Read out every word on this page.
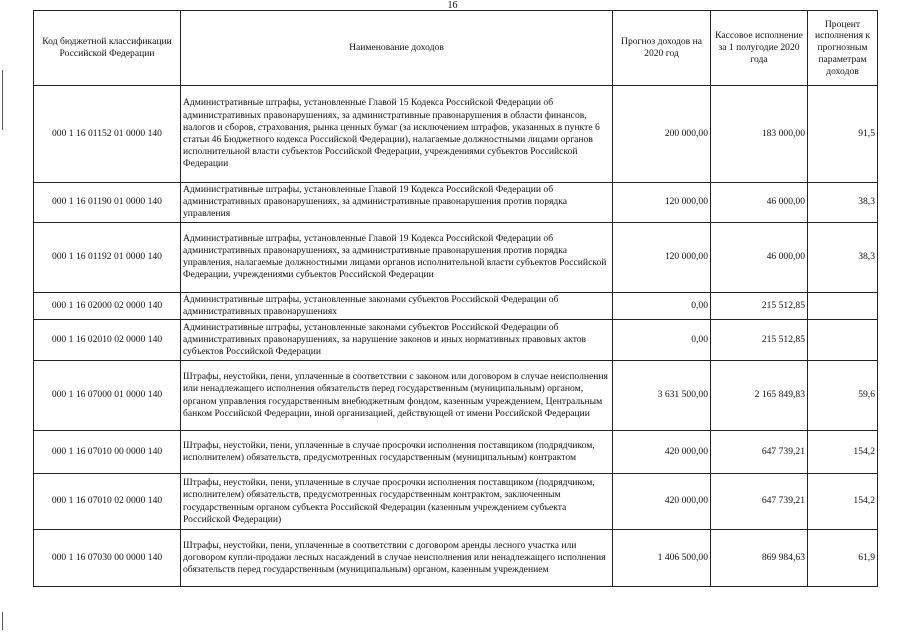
16
Код бюджетной классификации Российской Федерации	Наименование доходов	Прогноз доходов на 2020 год	Кассовое исполнение за 1 полугодие 2020 года	Процент исполнения к прогнозным параметрам доходов
000 1 16 01152 01 0000 140	Административные штрафы, установленные Главой 15 Кодекса Российской Федерации об административных правонарушениях, за административные правонарушения в области финансов, налогов и сборов, страхования, рынка ценных бумаг (за исключением штрафов, указанных в пункте 6 статьи 46 Бюджетного кодекса Российской Федерации), налагаемые должностными лицами органов исполнительной власти субъектов Российской Федерации, учреждениями субъектов Российской Федерации	200 000,00	183 000,00	91,5
000 1 16 01190 01 0000 140	Административные штрафы, установленные Главой 19 Кодекса Российской Федерации об административных правонарушениях, за административные правонарушения против порядка управления	120 000,00	46 000,00	38,3
000 1 16 01192 01 0000 140	Административные штрафы, установленные Главой 19 Кодекса Российской Федерации об административных правонарушениях, за административные правонарушения против порядка управления, налагаемые должностными лицами органов исполнительной власти субъектов Российской Федерации, учреждениями субъектов Российской Федерации	120 000,00	46 000,00	38,3
000 1 16 02000 02 0000 140	Административные штрафы, установленные законами субъектов Российской Федерации об административных правонарушениях	0,00	215 512,85	
000 1 16 02010 02 0000 140	Административные штрафы, установленные законами субъектов Российской Федерации об административных правонарушениях, за нарушение законов и иных нормативных правовых актов субъектов Российской Федерации	0,00	215 512,85	
000 1 16 07000 01 0000 140	Штрафы, неустойки, пени, уплаченные в соответствии с законом или договором в случае неисполнения или ненадлежащего исполнения обязательств перед государственным (муниципальным) органом, органом управления государственным внебюджетным фондом, казенным учреждением, Центральным банком Российской Федерации, иной организацией, действующей от имени Российской Федерации	3 631 500,00	2 165 849,83	59,6
000 1 16 07010 00 0000 140	Штрафы, неустойки, пени, уплаченные в случае просрочки исполнения поставщиком (подрядчиком, исполнителем) обязательств, предусмотренных государственным (муниципальным) контрактом	420 000,00	647 739,21	154,2
000 1 16 07010 02 0000 140	Штрафы, неустойки, пени, уплаченные в случае просрочки исполнения поставщиком (подрядчиком, исполнителем) обязательств, предусмотренных государственным контрактом, заключенным государственным органом субъекта Российской Федерации (казенным учреждением субъекта Российской Федерации)	420 000,00	647 739,21	154,2
000 1 16 07030 00 0000 140	Штрафы, неустойки, пени, уплаченные в соответствии с договором аренды лесного участка или договором купли-продажи лесных насаждений в случае неисполнения или ненадлежащего исполнения обязательств перед государственным (муниципальным) органом, казенным учреждением	1 406 500,00	869 984,63	61,9
